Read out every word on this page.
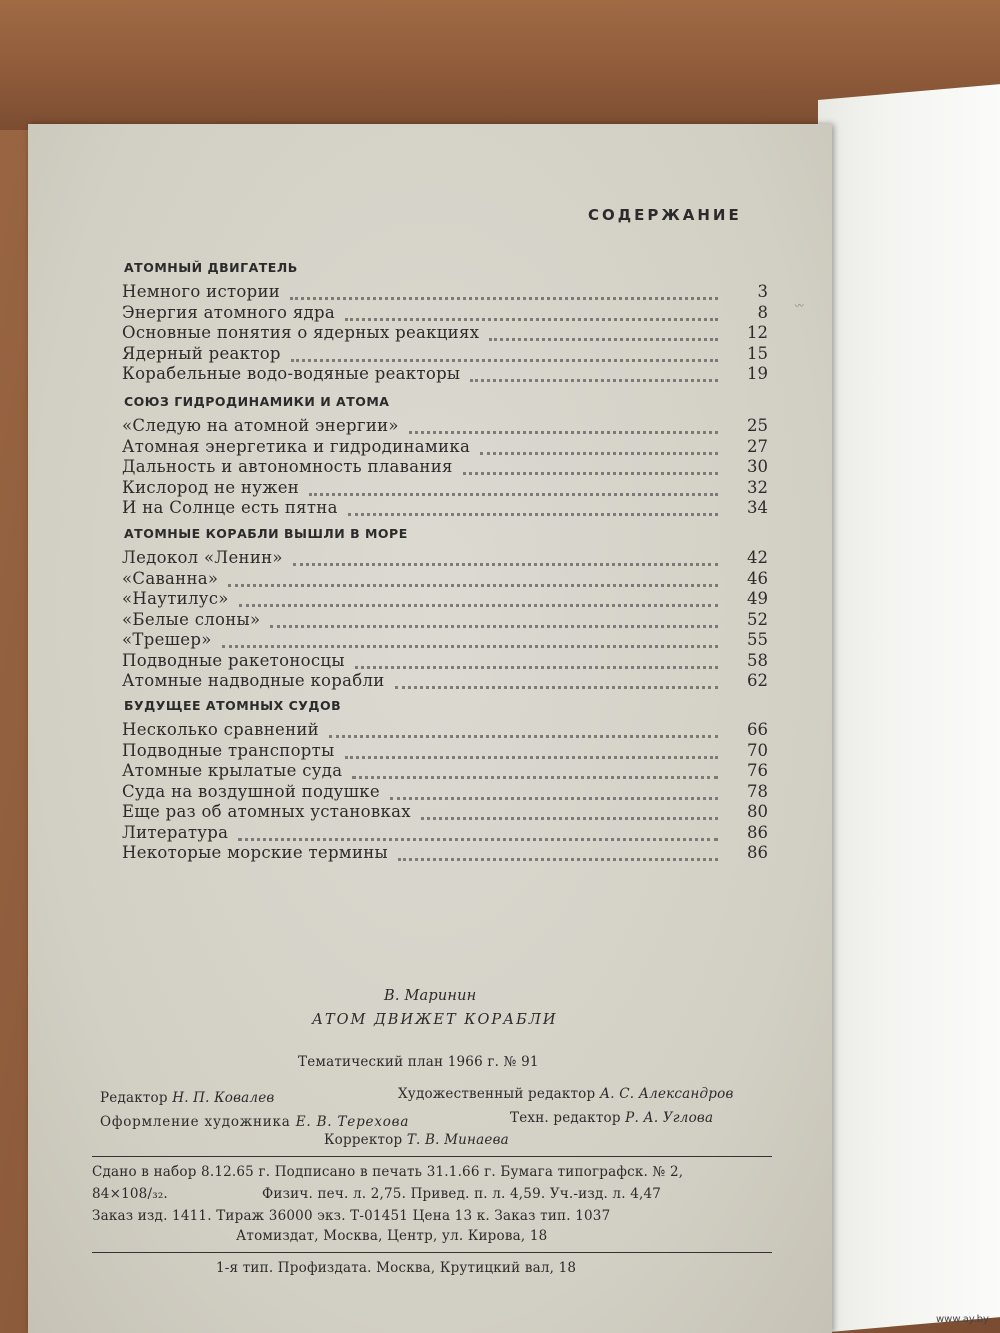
СОДЕРЖАНИЕ
АТОМНЫЙ ДВИГАТЕЛЬ
Немного истории	3
Энергия атомного ядра	8
Основные понятия о ядерных реакциях	12
Ядерный реактор	15
Корабельные водо-водяные реакторы	19
СОЮЗ ГИДРОДИНАМИКИ И АТОМА
«Следую на атомной энергии»	25
Атомная энергетика и гидродинамика	27
Дальность и автономность плавания	30
Кислород не нужен	32
И на Солнце есть пятна	34
АТОМНЫЕ КОРАБЛИ ВЫШЛИ В МОРЕ
Ледокол «Ленин»	42
«Саванна»	46
«Наутилус»	49
«Белые слоны»	52
«Трешер»	55
Подводные ракетоносцы	58
Атомные надводные корабли	62
БУДУЩЕЕ АТОМНЫХ СУДОВ
Несколько сравнений	66
Подводные транспорты	70
Атомные крылатые суда	76
Суда на воздушной подушке	78
Еще раз об атомных установках	80
Литература	86
Некоторые морские термины	86
В. Маринин
АТОМ ДВИЖЕТ КОРАБЛИ
Тематический план 1966 г. № 91
Редактор Н. П. Ковалев	Художественный редактор А. С. Александров
Оформление художника Е. В. Терехова	Техн. редактор Р. А. Углова
Корректор Т. В. Минаева
Сдано в набор 8.12.65 г. Подписано в печать 31.1.66 г. Бумага типографск. № 2,
84×108/₃₂.	Физич. печ. л. 2,75. Привед. п. л. 4,59. Уч.-изд. л. 4,47
Заказ изд. 1411. Тираж 36000 экз. Т-01451 Цена 13 к. Заказ тип. 1037
Атомиздат, Москва, Центр, ул. Кирова, 18
1-я тип. Профиздата. Москва, Крутицкий вал, 18
〰
www.ay.by
